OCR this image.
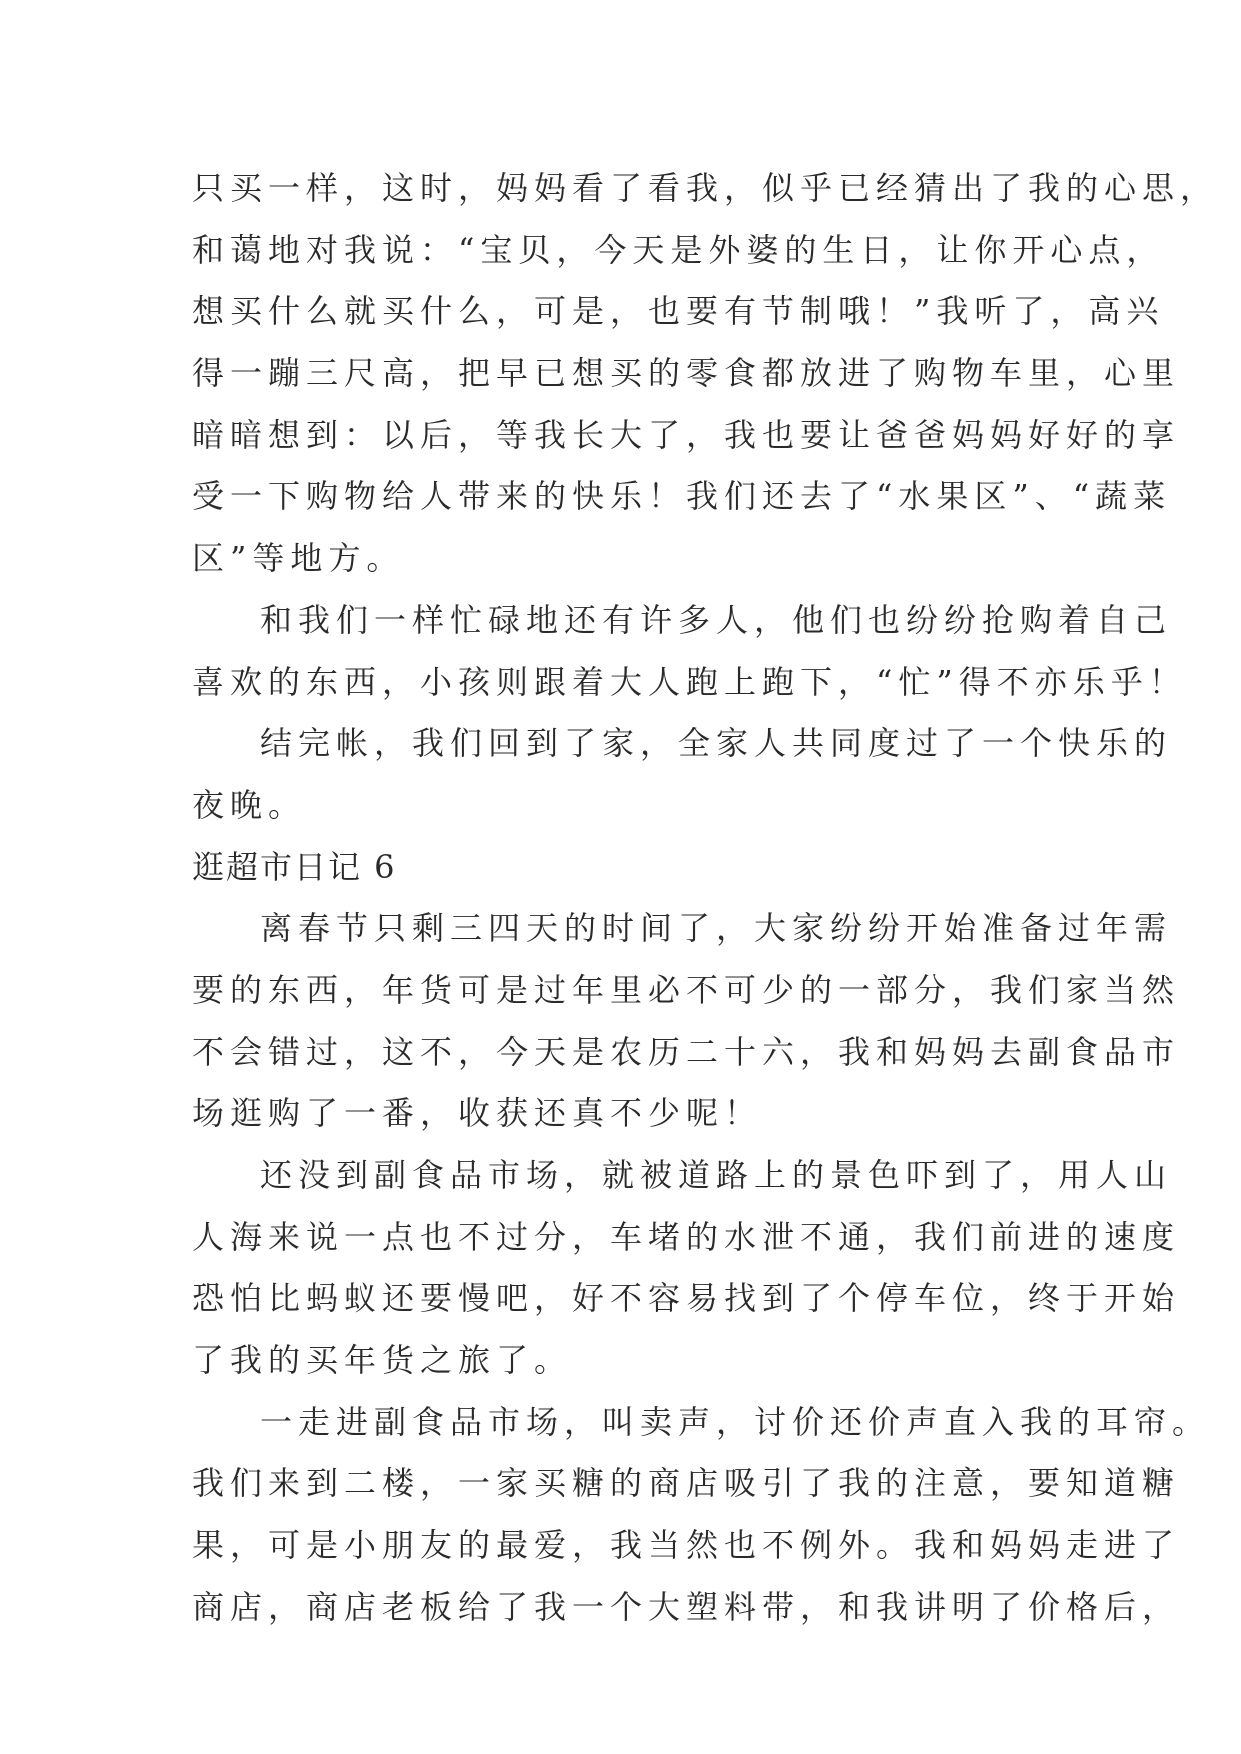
只买一样，这时，妈妈看了看我，似乎已经猜出了我的心思，
和蔼地对我说：“宝贝，今天是外婆的生日，让你开心点，
想买什么就买什么，可是，也要有节制哦！”我听了，高兴
得一蹦三尺高，把早已想买的零食都放进了购物车里，心里
暗暗想到：以后，等我长大了，我也要让爸爸妈妈好好的享
受一下购物给人带来的快乐！我们还去了“水果区”、“蔬菜
区”等地方。
和我们一样忙碌地还有许多人，他们也纷纷抢购着自己
喜欢的东西，小孩则跟着大人跑上跑下，“忙”得不亦乐乎！
结完帐，我们回到了家，全家人共同度过了一个快乐的
夜晚。
逛超市日记 6
离春节只剩三四天的时间了，大家纷纷开始准备过年需
要的东西，年货可是过年里必不可少的一部分，我们家当然
不会错过，这不，今天是农历二十六，我和妈妈去副食品市
场逛购了一番，收获还真不少呢！
还没到副食品市场，就被道路上的景色吓到了，用人山
人海来说一点也不过分，车堵的水泄不通，我们前进的速度
恐怕比蚂蚁还要慢吧，好不容易找到了个停车位，终于开始
了我的买年货之旅了。
一走进副食品市场，叫卖声，讨价还价声直入我的耳帘。
我们来到二楼，一家买糖的商店吸引了我的注意，要知道糖
果，可是小朋友的最爱，我当然也不例外。我和妈妈走进了
商店，商店老板给了我一个大塑料带，和我讲明了价格后，
